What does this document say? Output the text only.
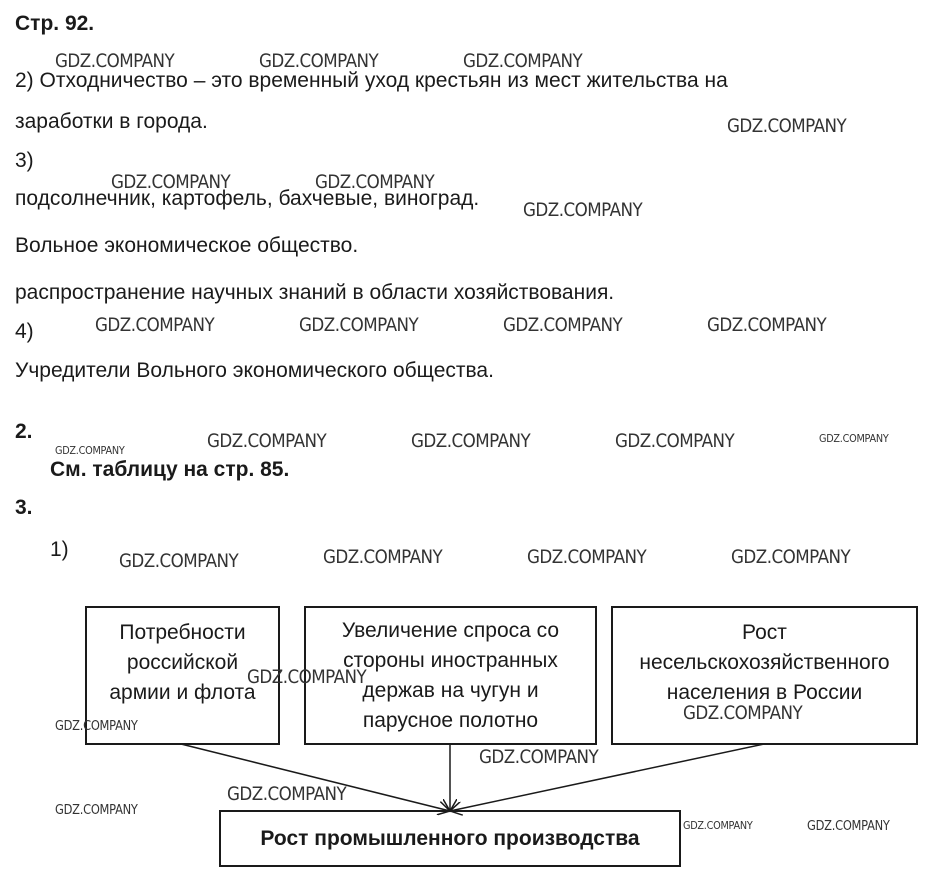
Стр. 92.
2) Отходничество – это временный уход крестьян из мест жительства на
заработки в города.
3)
подсолнечник, картофель, бахчевые, виноград.
Вольное экономическое общество.
распространение научных знаний в области хозяйствования.
4)
Учредители Вольного экономического общества.
2.
См. таблицу на стр. 85.
3.
1)
Потребности
российской
армии и флота
Увеличение спроса со
стороны иностранных
держав на чугун и
парусное полотно
Рост
несельскохозяйственного
населения в России
Рост промышленного производства
GDZ.COMPANY	GDZ.COMPANY	GDZ.COMPANY
GDZ.COMPANY
GDZ.COMPANY	GDZ.COMPANY
GDZ.COMPANY
GDZ.COMPANY	GDZ.COMPANY	GDZ.COMPANY	GDZ.COMPANY
GDZ.COMPANY	GDZ.COMPANY	GDZ.COMPANY	GDZ.COMPANY	GDZ.COMPANY
GDZ.COMPANY	GDZ.COMPANY	GDZ.COMPANY	GDZ.COMPANY
GDZ.COMPANY
GDZ.COMPANY
GDZ.COMPANY
GDZ.COMPANY
GDZ.COMPANY
GDZ.COMPANY
GDZ.COMPANY	GDZ.COMPANY
